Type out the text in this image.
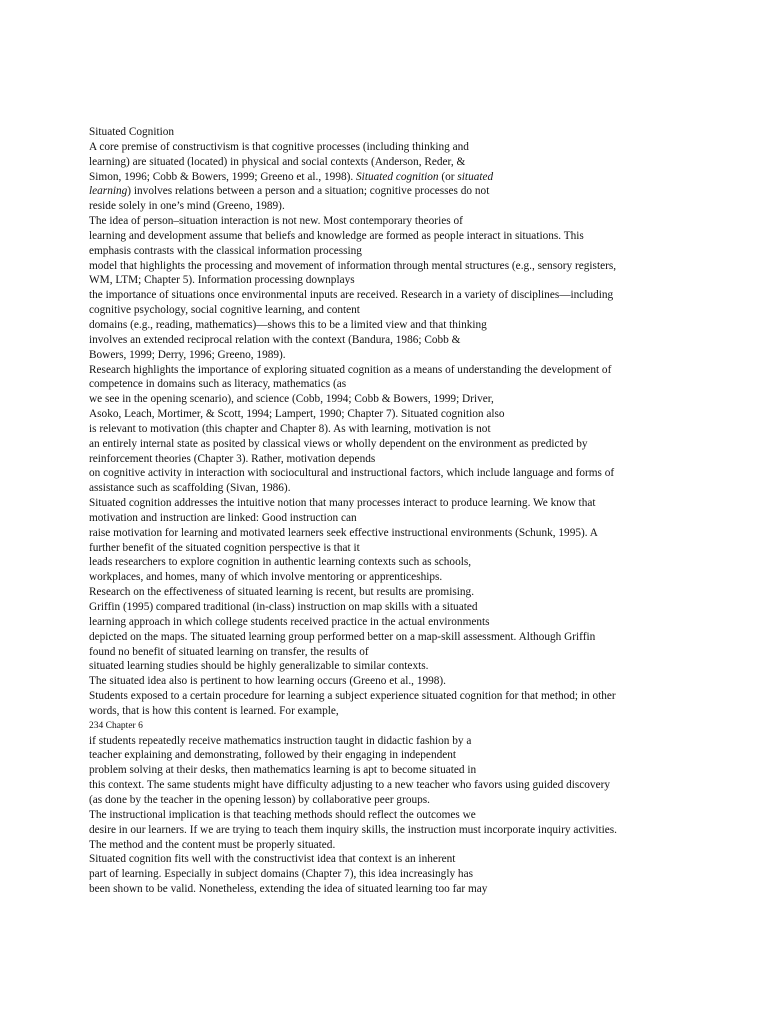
Situated Cognition
A core premise of constructivism is that cognitive processes (including thinking and
learning) are situated (located) in physical and social contexts (Anderson, Reder, &
Simon, 1996; Cobb & Bowers, 1999; Greeno et al., 1998). Situated cognition (or situated
learning) involves relations between a person and a situation; cognitive processes do not
reside solely in one’s mind (Greeno, 1989).
The idea of person–situation interaction is not new. Most contemporary theories of
learning and development assume that beliefs and knowledge are formed as people interact in situations. This
emphasis contrasts with the classical information processing
model that highlights the processing and movement of information through mental structures (e.g., sensory registers,
WM, LTM; Chapter 5). Information processing downplays
the importance of situations once environmental inputs are received. Research in a variety of disciplines—including
cognitive psychology, social cognitive learning, and content
domains (e.g., reading, mathematics)—shows this to be a limited view and that thinking
involves an extended reciprocal relation with the context (Bandura, 1986; Cobb &
Bowers, 1999; Derry, 1996; Greeno, 1989).
Research highlights the importance of exploring situated cognition as a means of understanding the development of
competence in domains such as literacy, mathematics (as
we see in the opening scenario), and science (Cobb, 1994; Cobb & Bowers, 1999; Driver,
Asoko, Leach, Mortimer, & Scott, 1994; Lampert, 1990; Chapter 7). Situated cognition also
is relevant to motivation (this chapter and Chapter 8). As with learning, motivation is not
an entirely internal state as posited by classical views or wholly dependent on the environment as predicted by
reinforcement theories (Chapter 3). Rather, motivation depends
on cognitive activity in interaction with sociocultural and instructional factors, which include language and forms of
assistance such as scaffolding (Sivan, 1986).
Situated cognition addresses the intuitive notion that many processes interact to produce learning. We know that
motivation and instruction are linked: Good instruction can
raise motivation for learning and motivated learners seek effective instructional environments (Schunk, 1995). A
further benefit of the situated cognition perspective is that it
leads researchers to explore cognition in authentic learning contexts such as schools,
workplaces, and homes, many of which involve mentoring or apprenticeships.
Research on the effectiveness of situated learning is recent, but results are promising.
Griffin (1995) compared traditional (in-class) instruction on map skills with a situated
learning approach in which college students received practice in the actual environments
depicted on the maps. The situated learning group performed better on a map-skill assessment. Although Griffin
found no benefit of situated learning on transfer, the results of
situated learning studies should be highly generalizable to similar contexts.
The situated idea also is pertinent to how learning occurs (Greeno et al., 1998).
Students exposed to a certain procedure for learning a subject experience situated cognition for that method; in other
words, that is how this content is learned. For example,
234 Chapter 6
if students repeatedly receive mathematics instruction taught in didactic fashion by a
teacher explaining and demonstrating, followed by their engaging in independent
problem solving at their desks, then mathematics learning is apt to become situated in
this context. The same students might have difficulty adjusting to a new teacher who favors using guided discovery
(as done by the teacher in the opening lesson) by collaborative peer groups.
The instructional implication is that teaching methods should reflect the outcomes we
desire in our learners. If we are trying to teach them inquiry skills, the instruction must incorporate inquiry activities.
The method and the content must be properly situated.
Situated cognition fits well with the constructivist idea that context is an inherent
part of learning. Especially in subject domains (Chapter 7), this idea increasingly has
been shown to be valid. Nonetheless, extending the idea of situated learning too far may
